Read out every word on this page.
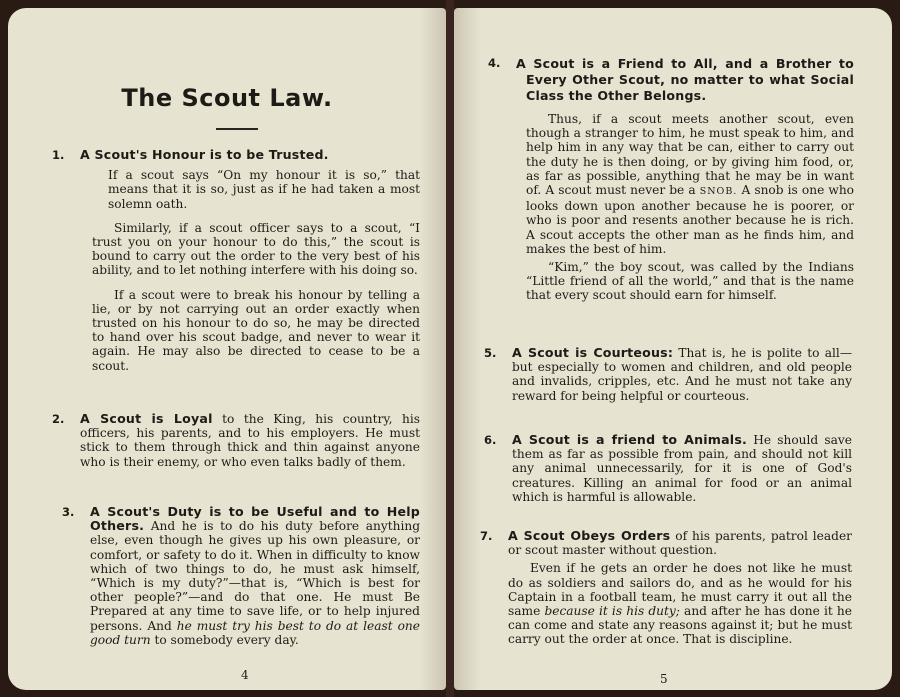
The Scout Law.
1.	A Scout's Honour is to be Trusted.

If a scout says “On my honour it is so,” that means that it is so, just as if he had taken a most solemn oath.

Similarly, if a scout officer says to a scout, “I trust you on your honour to do this,” the scout is bound to carry out the order to the very best of his ability, and to let nothing interfere with his doing so.

If a scout were to break his honour by telling a lie, or by not carrying out an order exactly when trusted on his honour to do so, he may be directed to hand over his scout badge, and never to wear it again. He may also be directed to cease to be a scout.

2.	A Scout is Loyal to the King, his country, his officers, his parents, and to his employers. He must stick to them through thick and thin against anyone who is their enemy, or who even talks badly of them.
3.	A Scout's Duty is to be Useful and to Help Others. And he is to do his duty before anything else, even though he gives up his own pleasure, or comfort, or safety to do it. When in difficulty to know which of two things to do, he must ask himself, “Which is my duty?”—that is, “Which is best for other people?”—and do that one. He must Be Prepared at any time to save life, or to help injured persons. And he must try his best to do at least one good turn to somebody every day.
4
4.	A Scout is a Friend to All, and a Brother to Every Other Scout, no matter to what Social Class the Other Belongs.

Thus, if a scout meets another scout, even though a stranger to him, he must speak to him, and help him in any way that be can, either to carry out the duty he is then doing, or by giving him food, or, as far as possible, anything that he may be in want of. A scout must never be a SNOB. A snob is one who looks down upon another because he is poorer, or who is poor and resents another because he is rich. A scout accepts the other man as he finds him, and makes the best of him.

“Kim,” the boy scout, was called by the Indians “Little friend of all the world,” and that is the name that every scout should earn for himself.

5.	A Scout is Courteous: That is, he is polite to all—but especially to women and children, and old people and invalids, cripples, etc. And he must not take any reward for being helpful or courteous.
6.	A Scout is a friend to Animals. He should save them as far as possible from pain, and should not kill any animal unnecessarily, for it is one of God's creatures. Killing an animal for food or an animal which is harmful is allowable.
7.	A Scout Obeys Orders of his parents, patrol leader or scout master without question.

Even if he gets an order he does not like he must do as soldiers and sailors do, and as he would for his Captain in a football team, he must carry it out all the same because it is his duty; and after he has done it he can come and state any reasons against it; but he must carry out the order at once. That is discipline.

5
